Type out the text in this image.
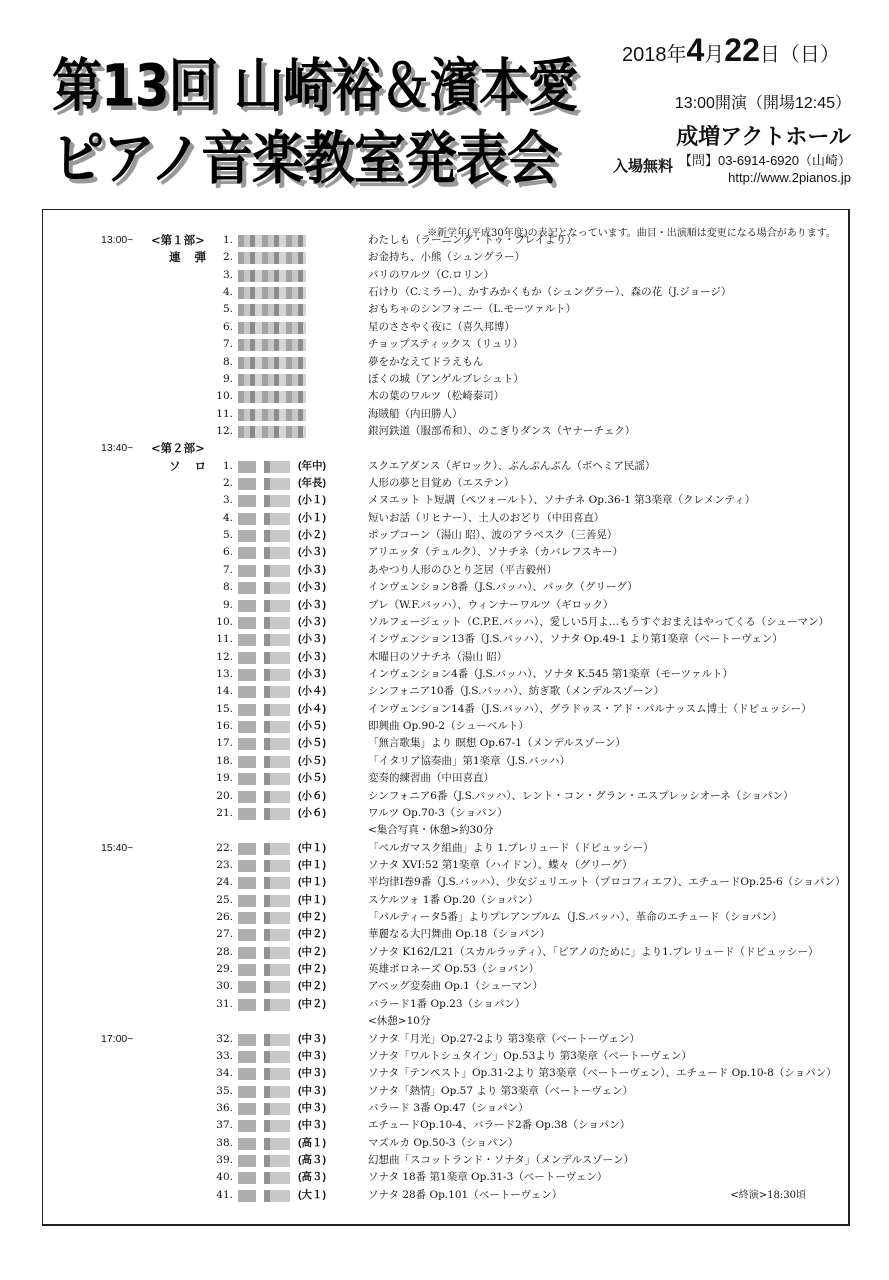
第13回 山崎裕＆濱本愛
ピアノ音楽教室発表会
2018年4月22日（日）
13:00開演（開場12:45）
成増アクトホール
入場無料 【問】03-6914-6920（山崎）
http://www.2pianos.jp
※新学年(平成30年度)の表記となっています。曲目・出演順は変更になる場合があります。
13:00~ <第１部>	1.	わたしも（ラーニング・トゥ・プレイより）
連弾 2.	お金持ち、小熊（シュングラー）
3.	パリのワルツ（C.ロリン）
4.	石けり（C.ミラー）、かすみかくもか（シュングラー）、森の花（J.ジョージ）
5.	おもちゃのシンフォニー（L.モーツァルト）
6.	星のささやく夜に（喜久邦博）
7.	チョップスティックス（リュリ）
8.	夢をかなえてドラえもん
9.	ぼくの城（アンゲルブレシュト）
10.	木の葉のワルツ（松崎泰司）
11.	海賊船（内田勝人）
12.	銀河鉄道（服部希和）、のこぎりダンス（ヤナーチェク）
13:40~ <第２部>
ソロ 1.	(年中)	スクエアダンス（ギロック）、ぶんぶんぶん（ボヘミア民謡）
2.	(年長)	人形の夢と目覚め（エステン）
3.	(小１)	メヌエット ト短調（ペツォールト）、ソナチネ Op.36-1 第3楽章（クレメンティ）
4.	(小１)	短いお話（リヒナー）、土人のおどり（中田喜直）
5.	(小２)	ポップコーン（湯山 昭）、波のアラベスク（三善晃）
6.	(小３)	アリエッタ（テュルク）、ソナチネ（カバレフスキー）
7.	(小３)	あやつり人形のひとり芝居（平吉毅州）
8.	(小３)	インヴェンション8番（J.S.バッハ）、パック（グリーグ）
9.	(小３)	ブレ（W.F.バッハ）、ウィンナーワルツ（ギロック）
10.	(小３)	ソルフェージェット（C.P.E.バッハ）、愛しい5月よ…もうすぐおまえはやってくる（シューマン）
11.	(小３)	インヴェンション13番（J.S.バッハ）、ソナタ Op.49-1 より第1楽章（ベートーヴェン）
12.	(小３)	木曜日のソナチネ（湯山 昭）
13.	(小３)	インヴェンション4番（J.S.バッハ）、ソナタ K.545 第1楽章（モーツァルト）
14.	(小４)	シンフォニア10番（J.S.バッハ）、紡ぎ歌（メンデルスゾーン）
15.	(小４)	インヴェンション14番（J.S.バッハ）、グラドゥス・アド・パルナッスム博士（ドビュッシー）
16.	(小５)	即興曲 Op.90-2（シューベルト）
17.	(小５)	「無言歌集」より 瞑想 Op.67-1（メンデルスゾーン）
18.	(小５)	「イタリア協奏曲」第1楽章（J.S.バッハ）
19.	(小５)	変奏的練習曲（中田喜直）
20.	(小６)	シンフォニア6番（J.S.バッハ）、レント・コン・グラン・エスプレッシオーネ（ショパン）
21.	(小６)	ワルツ Op.70-3（ショパン）
<集合写真・休憩>約30分
15:40~	22.	(中１)	「ベルガマスク組曲」より 1.プレリュード（ドビュッシー）
23.	(中１)	ソナタ XVI:52 第1楽章（ハイドン）、蝶々（グリーグ）
24.	(中１)	平均律I巻9番（J.S.バッハ）、少女ジュリエット（プロコフィエフ）、エチュードOp.25-6（ショパン）
25.	(中１)	スケルツォ 1番 Op.20（ショパン）
26.	(中２)	「パルティータ5番」よりプレアンブルム（J.S.バッハ）、革命のエチュード（ショパン）
27.	(中２)	華麗なる大円舞曲 Op.18（ショパン）
28.	(中２)	ソナタ K162/L21（スカルラッティ）、「ピアノのために」より1.プレリュード（ドビュッシー）
29.	(中２)	英雄ポロネーズ Op.53（ショパン）
30.	(中２)	アベッグ変奏曲 Op.1（シューマン）
31.	(中２)	バラード1番 Op.23（ショパン）
<休憩>10分
17:00~	32.	(中３)	ソナタ「月光」Op.27-2より 第3楽章（ベートーヴェン）
33.	(中３)	ソナタ「ワルトシュタイン」Op.53より 第3楽章（ベートーヴェン）
34.	(中３)	ソナタ「テンペスト」Op.31-2より 第3楽章（ベートーヴェン）、エチュード Op.10-8（ショパン）
35.	(中３)	ソナタ「熱情」Op.57 より 第3楽章（ベートーヴェン）
36.	(中３)	バラード 3番 Op.47（ショパン）
37.	(中３)	エチュードOp.10-4、バラード2番 Op.38（ショパン）
38.	(高１)	マズルカ Op.50-3（ショパン）
39.	(高３)	幻想曲「スコットランド・ソナタ」（メンデルスゾーン）
40.	(高３)	ソナタ 18番 第1楽章 Op.31-3（ベートーヴェン）
41.	(大１)	ソナタ 28番 Op.101（ベートーヴェン）	<終演>18:30頃
